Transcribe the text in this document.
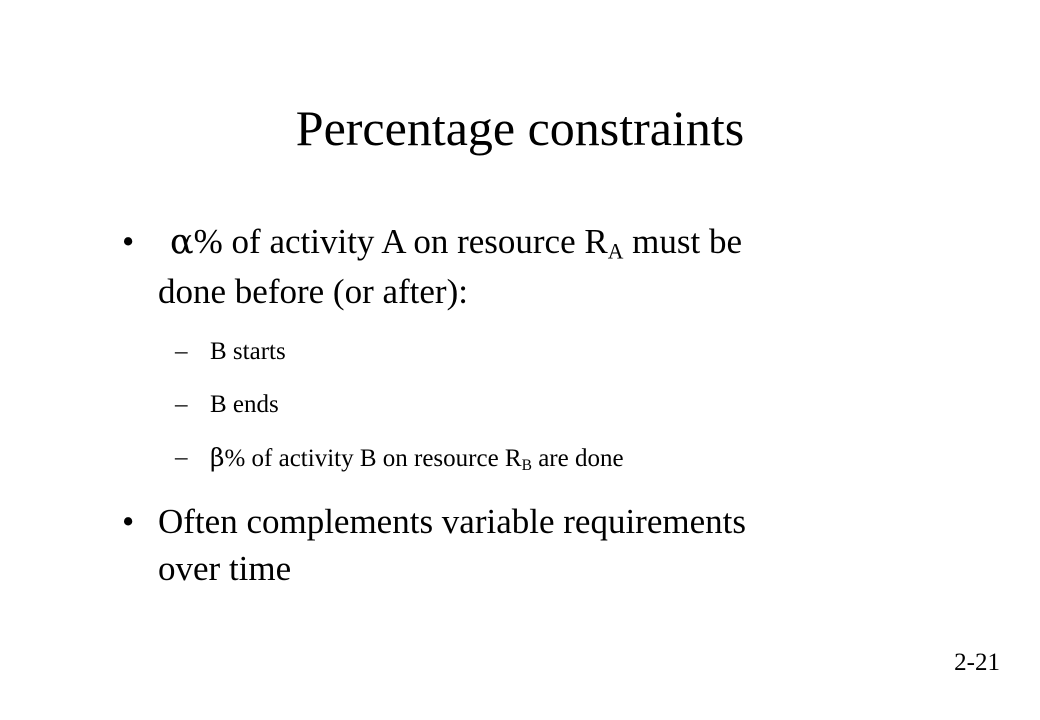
Percentage constraints
• α% of activity A on resource $R_A$ must be
done before (or after):
– B starts
– B ends
– β% of activity B on resource $R_B$ are done
• Often complements variable requirements
over time
2-21
